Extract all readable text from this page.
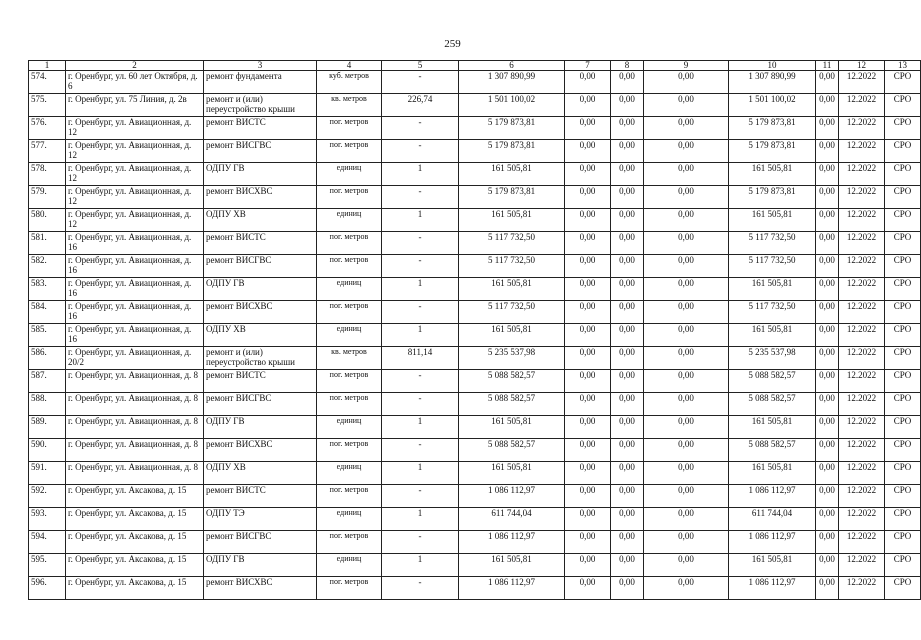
259
1	2	3	4	5	6	7	8	9	10	11	12	13
574.	г. Оренбург, ул. 60 лет Октября, д. 6	ремонт фундамента	куб. метров	-	1 307 890,99	0,00	0,00	0,00	1 307 890,99	0,00	12.2022	СРО
575.	г. Оренбург, ул. 75 Линия, д. 2в	ремонт и (или) переустройство крыши	кв. метров	226,74	1 501 100,02	0,00	0,00	0,00	1 501 100,02	0,00	12.2022	СРО
576.	г. Оренбург, ул. Авиационная, д. 12	ремонт ВИСТС	пог. метров	-	5 179 873,81	0,00	0,00	0,00	5 179 873,81	0,00	12.2022	СРО
577.	г. Оренбург, ул. Авиационная, д. 12	ремонт ВИСГВС	пог. метров	-	5 179 873,81	0,00	0,00	0,00	5 179 873,81	0,00	12.2022	СРО
578.	г. Оренбург, ул. Авиационная, д. 12	ОДПУ ГВ	единиц	1	161 505,81	0,00	0,00	0,00	161 505,81	0,00	12.2022	СРО
579.	г. Оренбург, ул. Авиационная, д. 12	ремонт ВИСХВС	пог. метров	-	5 179 873,81	0,00	0,00	0,00	5 179 873,81	0,00	12.2022	СРО
580.	г. Оренбург, ул. Авиационная, д. 12	ОДПУ ХВ	единиц	1	161 505,81	0,00	0,00	0,00	161 505,81	0,00	12.2022	СРО
581.	г. Оренбург, ул. Авиационная, д. 16	ремонт ВИСТС	пог. метров	-	5 117 732,50	0,00	0,00	0,00	5 117 732,50	0,00	12.2022	СРО
582.	г. Оренбург, ул. Авиационная, д. 16	ремонт ВИСГВС	пог. метров	-	5 117 732,50	0,00	0,00	0,00	5 117 732,50	0,00	12.2022	СРО
583.	г. Оренбург, ул. Авиационная, д. 16	ОДПУ ГВ	единиц	1	161 505,81	0,00	0,00	0,00	161 505,81	0,00	12.2022	СРО
584.	г. Оренбург, ул. Авиационная, д. 16	ремонт ВИСХВС	пог. метров	-	5 117 732,50	0,00	0,00	0,00	5 117 732,50	0,00	12.2022	СРО
585.	г. Оренбург, ул. Авиационная, д. 16	ОДПУ ХВ	единиц	1	161 505,81	0,00	0,00	0,00	161 505,81	0,00	12.2022	СРО
586.	г. Оренбург, ул. Авиационная, д. 20/2	ремонт и (или) переустройство крыши	кв. метров	811,14	5 235 537,98	0,00	0,00	0,00	5 235 537,98	0,00	12.2022	СРО
587.	г. Оренбург, ул. Авиационная, д. 8	ремонт ВИСТС	пог. метров	-	5 088 582,57	0,00	0,00	0,00	5 088 582,57	0,00	12.2022	СРО
588.	г. Оренбург, ул. Авиационная, д. 8	ремонт ВИСГВС	пог. метров	-	5 088 582,57	0,00	0,00	0,00	5 088 582,57	0,00	12.2022	СРО
589.	г. Оренбург, ул. Авиационная, д. 8	ОДПУ ГВ	единиц	1	161 505,81	0,00	0,00	0,00	161 505,81	0,00	12.2022	СРО
590.	г. Оренбург, ул. Авиационная, д. 8	ремонт ВИСХВС	пог. метров	-	5 088 582,57	0,00	0,00	0,00	5 088 582,57	0,00	12.2022	СРО
591.	г. Оренбург, ул. Авиационная, д. 8	ОДПУ ХВ	единиц	1	161 505,81	0,00	0,00	0,00	161 505,81	0,00	12.2022	СРО
592.	г. Оренбург, ул. Аксакова, д. 15	ремонт ВИСТС	пог. метров	-	1 086 112,97	0,00	0,00	0,00	1 086 112,97	0,00	12.2022	СРО
593.	г. Оренбург, ул. Аксакова, д. 15	ОДПУ ТЭ	единиц	1	611 744,04	0,00	0,00	0,00	611 744,04	0,00	12.2022	СРО
594.	г. Оренбург, ул. Аксакова, д. 15	ремонт ВИСГВС	пог. метров	-	1 086 112,97	0,00	0,00	0,00	1 086 112,97	0,00	12.2022	СРО
595.	г. Оренбург, ул. Аксакова, д. 15	ОДПУ ГВ	единиц	1	161 505,81	0,00	0,00	0,00	161 505,81	0,00	12.2022	СРО
596.	г. Оренбург, ул. Аксакова, д. 15	ремонт ВИСХВС	пог. метров	-	1 086 112,97	0,00	0,00	0,00	1 086 112,97	0,00	12.2022	СРО
